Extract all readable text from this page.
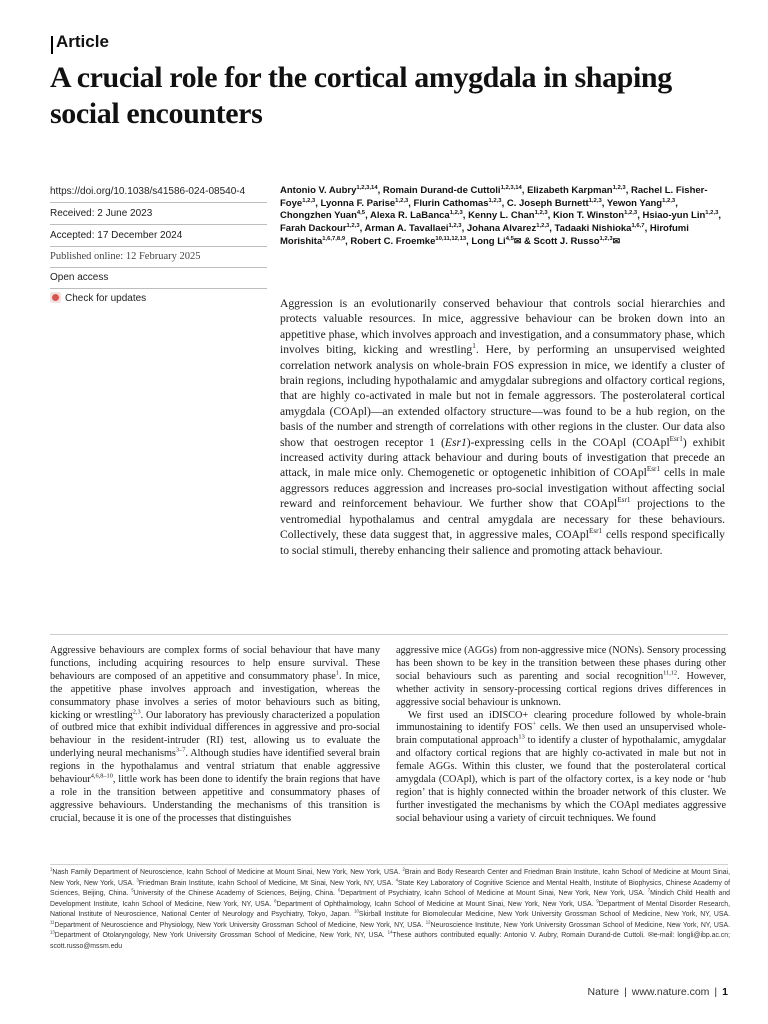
Article
A crucial role for the cortical amygdala in shaping social encounters
https://doi.org/10.1038/s41586-024-08540-4
Received: 2 June 2023
Accepted: 17 December 2024
Published online: 12 February 2025
Open access
Check for updates
Antonio V. Aubry$^{1,2,3,14}$, Romain Durand-de Cuttoli$^{1,2,3,14}$, Elizabeth Karpman$^{1,2,3}$, Rachel L. Fisher-Foye$^{1,2,3}$, Lyonna F. Parise$^{1,2,3}$, Flurin Cathomas$^{1,2,3}$, C. Joseph Burnett$^{1,2,3}$, Yewon Yang$^{1,2,3}$, Chongzhen Yuan$^{4,5}$, Alexa R. LaBanca$^{1,2,3}$, Kenny L. Chan$^{1,2,3}$, Kion T. Winston$^{1,2,3}$, Hsiao-yun Lin$^{1,2,3}$, Farah Dackour$^{1,2,3}$, Arman A. Tavallaei$^{1,2,3}$, Johana Alvarez$^{1,2,3}$, Tadaaki Nishioka$^{1,6,7}$, Hirofumi Morishita$^{1,6,7,8,9}$, Robert C. Froemke$^{10,11,12,13}$, Long Li$^{4,5}$✉ & Scott J. Russo$^{1,2,3}$✉
Aggression is an evolutionarily conserved behaviour that controls social hierarchies and protects valuable resources. In mice, aggressive behaviour can be broken down into an appetitive phase, which involves approach and investigation, and a consummatory phase, which involves biting, kicking and wrestling$^1$. Here, by performing an unsupervised weighted correlation network analysis on whole-brain FOS expression in mice, we identify a cluster of brain regions, including hypothalamic and amygdalar subregions and olfactory cortical regions, that are highly co-activated in male but not in female aggressors. The posterolateral cortical amygdala (COApl)—an extended olfactory structure—was found to be a hub region, on the basis of the number and strength of correlations with other regions in the cluster. Our data also show that oestrogen receptor 1 (Esr1)-expressing cells in the COApl (COApl$^{Esr1}$) exhibit increased activity during attack behaviour and during bouts of investigation that precede an attack, in male mice only. Chemogenetic or optogenetic inhibition of COApl$^{Esr1}$ cells in male aggressors reduces aggression and increases pro-social investigation without affecting social reward and reinforcement behaviour. We further show that COApl$^{Esr1}$ projections to the ventromedial hypothalamus and central amygdala are necessary for these behaviours. Collectively, these data suggest that, in aggressive males, COApl$^{Esr1}$ cells respond specifically to social stimuli, thereby enhancing their salience and promoting attack behaviour.

Aggressive behaviours are complex forms of social behaviour that have many functions, including acquiring resources to help ensure survival. These behaviours are composed of an appetitive and consummatory phase$^1$. In mice, the appetitive phase involves approach and investigation, whereas the consummatory phase involves a series of motor behaviours such as biting, kicking or wrestling$^{2,3}$. Our laboratory has previously characterized a population of outbred mice that exhibit individual differences in aggressive and pro-social behaviour in the resident-intruder (RI) test, allowing us to evaluate the underlying neural mechanisms$^{3-7}$. Although studies have identified several brain regions in the hypothalamus and ventral striatum that enable aggressive behaviour$^{4,6,8-10}$, little work has been done to identify the brain regions that have a role in the transition between appetitive and consummatory phases of aggressive behaviours. Understanding the mechanisms of this transition is crucial, because it is one of the processes that distinguishes

aggressive mice (AGGs) from non-aggressive mice (NONs). Sensory processing has been shown to be key in the transition between these phases during other social behaviours such as parenting and social recognition$^{11,12}$. However, whether activity in sensory-processing cortical regions drives differences in aggressive social behaviour is unknown.

We first used an iDISCO+ clearing procedure followed by whole-brain immunostaining to identify FOS+ cells. We then used an unsupervised whole-brain computational approach$^{13}$ to identify a cluster of hypothalamic, amygdalar and olfactory cortical regions that are highly co-activated in male but not in female AGGs. Within this cluster, we found that the posterolateral cortical amygdala (COApl), which is part of the olfactory cortex, is a key node or ‘hub region’ that is highly connected within the broader network of this cluster. We further investigated the mechanisms by which the COApl mediates aggressive social behaviour using a variety of circuit techniques. We found

$^1$Nash Family Department of Neuroscience, Icahn School of Medicine at Mount Sinai, New York, New York, USA. $^2$Brain and Body Research Center and Friedman Brain Institute, Icahn School of Medicine at Mount Sinai, New York, New York, USA. $^3$Friedman Brain Institute, Icahn School of Medicine, Mt Sinai, New York, NY, USA. $^4$State Key Laboratory of Cognitive Science and Mental Health, Institute of Biophysics, Chinese Academy of Sciences, Beijing, China. $^5$University of the Chinese Academy of Sciences, Beijing, China. $^6$Department of Psychiatry, Icahn School of Medicine at Mount Sinai, New York, New York, USA. $^7$Mindich Child Health and Development Institute, Icahn School of Medicine, New York, NY, USA. $^8$Department of Ophthalmology, Icahn School of Medicine at Mount Sinai, New York, New York, USA. $^9$Department of Mental Disorder Research, National Institute of Neuroscience, National Center of Neurology and Psychiatry, Tokyo, Japan. $^{10}$Skirball Institute for Biomolecular Medicine, New York University Grossman School of Medicine, New York, NY, USA. $^{11}$Department of Neuroscience and Physiology, New York University Grossman School of Medicine, New York, NY, USA. $^{12}$Neuroscience Institute, New York University Grossman School of Medicine, New York, NY, USA. $^{13}$Department of Otolaryngology, New York University Grossman School of Medicine, New York, NY, USA. $^{14}$These authors contributed equally: Antonio V. Aubry, Romain Durand-de Cuttoli. ✉e-mail: longli@ibp.ac.cn; scott.russo@mssm.edu
Nature | www.nature.com | 1
